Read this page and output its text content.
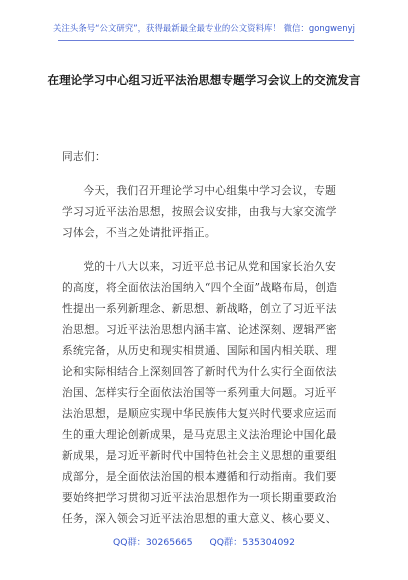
关注头条号“公文研究”，获得最新最全最专业的公文资料库！ 微信：gongwenyj
在理论学习中心组习近平法治思想专题学习会议上的交流发言

同志们：

今天，我们召开理论学习中心组集中学习会议，专题学习习近平法治思想，按照会议安排，由我与大家交流学习体会，不当之处请批评指正。

党的十八大以来，习近平总书记从党和国家长治久安的高度，将全面依法治国纳入“四个全面”战略布局，创造性提出一系列新理念、新思想、新战略，创立了习近平法治思想。习近平法治思想内涵丰富、论述深刻、逻辑严密系统完备，从历史和现实相贯通、国际和国内相关联、理论和实际相结合上深刻回答了新时代为什么实行全面依法治国、怎样实行全面依法治国等一系列重大问题。习近平法治思想，是顺应实现中华民族伟大复兴时代要求应运而生的重大理论创新成果，是马克思主义法治理论中国化最新成果，是习近平新时代中国特色社会主义思想的重要组成部分，是全面依法治国的根本遵循和行动指南。我们要要始终把学习贯彻习近平法治思想作为一项长期重要政治任务，深入领会习近平法治思想的重大意义、核心要义、

QQ群：30265665 QQ群：535304092
